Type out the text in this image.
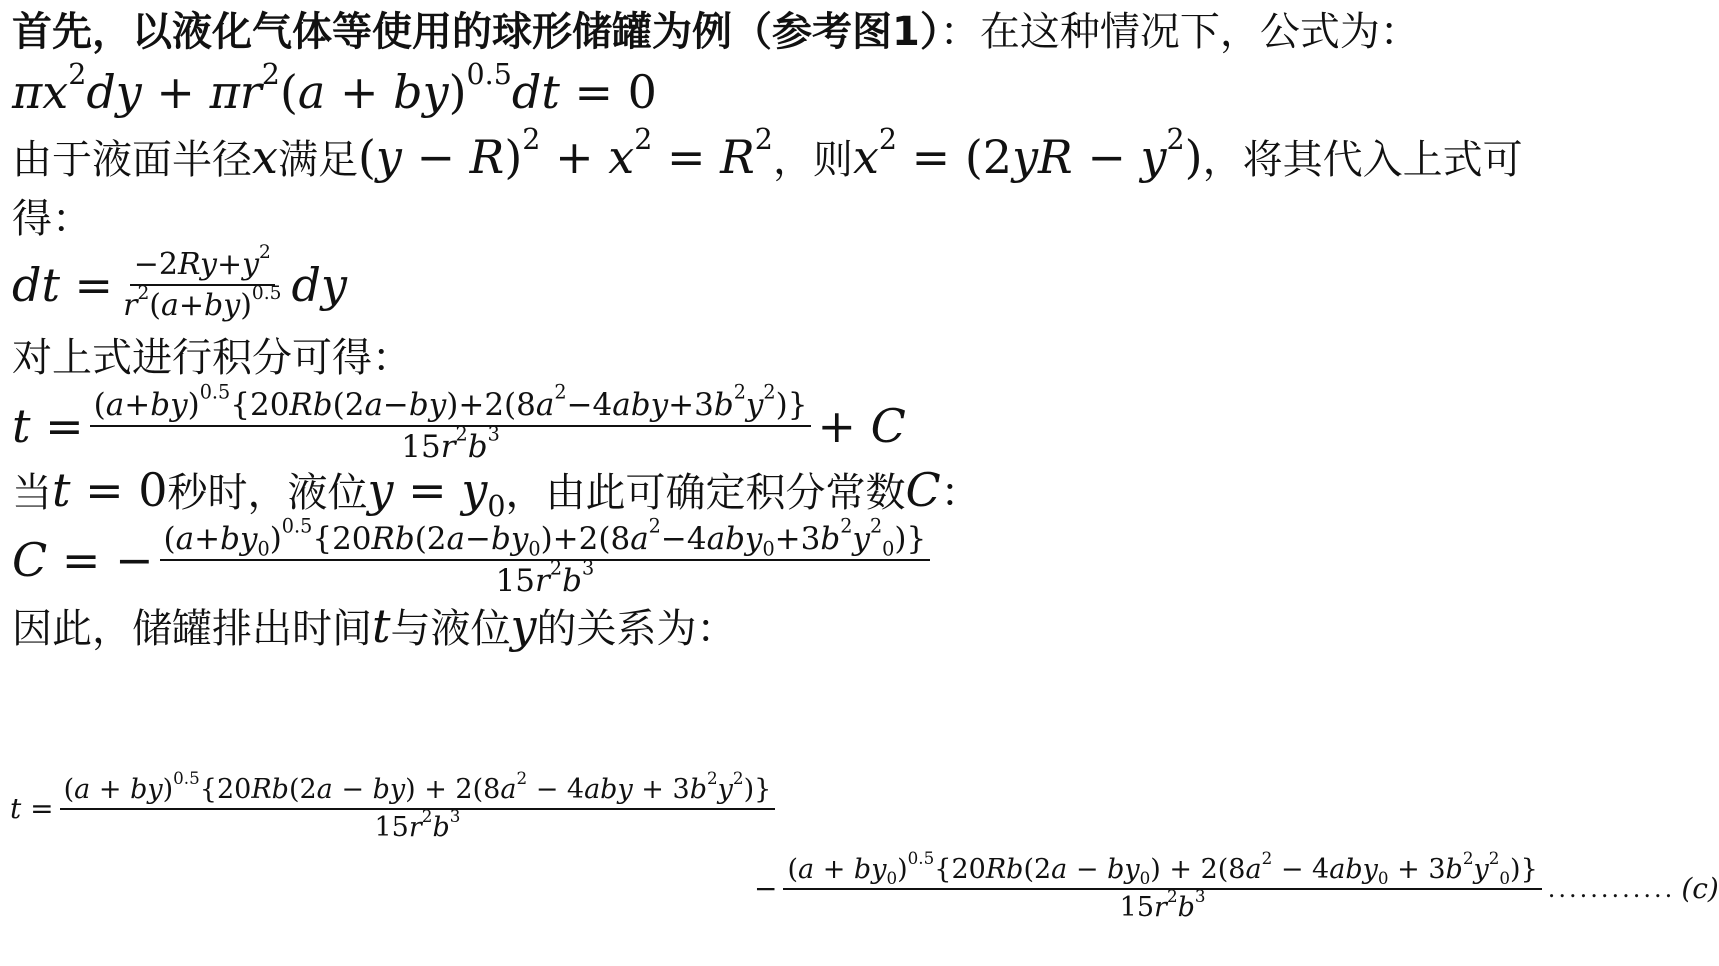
首先，以液化气体等使用的球形储罐为例（参考图1）：在这种情况下，公式为：
$\pi x^2dy + \pi r^2(a + by)^{0.5}dt = 0$
由于液面半径x满足$(y - R)^2 + x^2 = R^2$，则$x^2 = (2yR - y^2)$，将其代入上式可
得：
dt = $\frac{-2Ry+y^2}{r^2(a+by)^{0.5}}$ dy
对上式进行积分可得：
$t = \frac{(a+by)^{0.5}\{20Rb(2a-by)+2(8a^2-4aby+3b^2y^2)\}}{15r^2b^3} + C$
当t = 0秒时，液位$y = y_0$，由此可确定积分常数C：
C = − $\frac{(a+by_0)^{0.5}\{20Rb(2a-by_0)+2(8a^2-4aby_0+3b^2y^2_0)\}}{15r^2b^3}$
因此，储罐排出时间t与液位y的关系为：
$t = \frac{(a + by)^{0.5}\{20Rb(2a - by) + 2(8a^2 - 4aby + 3b^2y^2)\}}{15r^2b^3}$
− $\frac{(a + by_0)^{0.5}\{20Rb(2a - by_0) + 2(8a^2 - 4aby_0 + 3b^2y^2_0)\}}{15r^2b^3}$ ............ (c)
